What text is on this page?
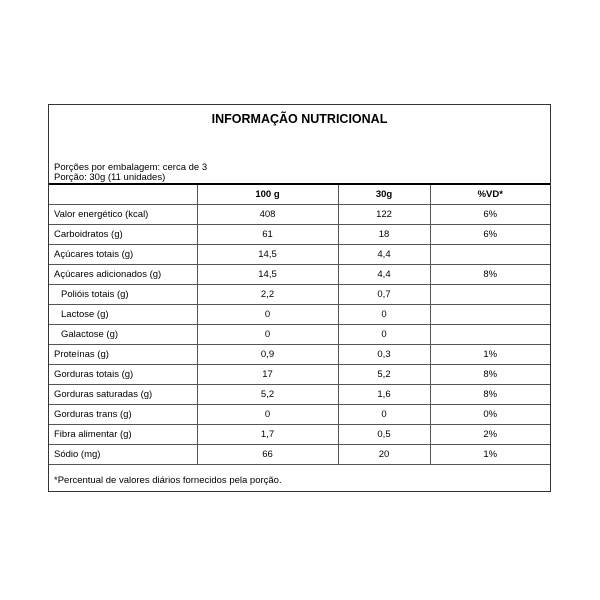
INFORMAÇÃO NUTRICIONAL
Porções por embalagem: cerca de 3
Porção: 30g (11 unidades)
	100 g	30g	%VD*
Valor energético (kcal)	408	122	6%
Carboidratos (g)	61	18	6%
Açúcares totais (g)	14,5	4,4	
Açúcares adicionados (g)	14,5	4,4	8%
Polióis totais (g)	2,2	0,7	
Lactose (g)	0	0	
Galactose (g)	0	0	
Proteínas (g)	0,9	0,3	1%
Gorduras totais (g)	17	5,2	8%
Gorduras saturadas (g)	5,2	1,6	8%
Gorduras trans (g)	0	0	0%
Fibra alimentar (g)	1,7	0,5	2%
Sódio (mg)	66	20	1%
*Percentual de valores diários fornecidos pela porção.
